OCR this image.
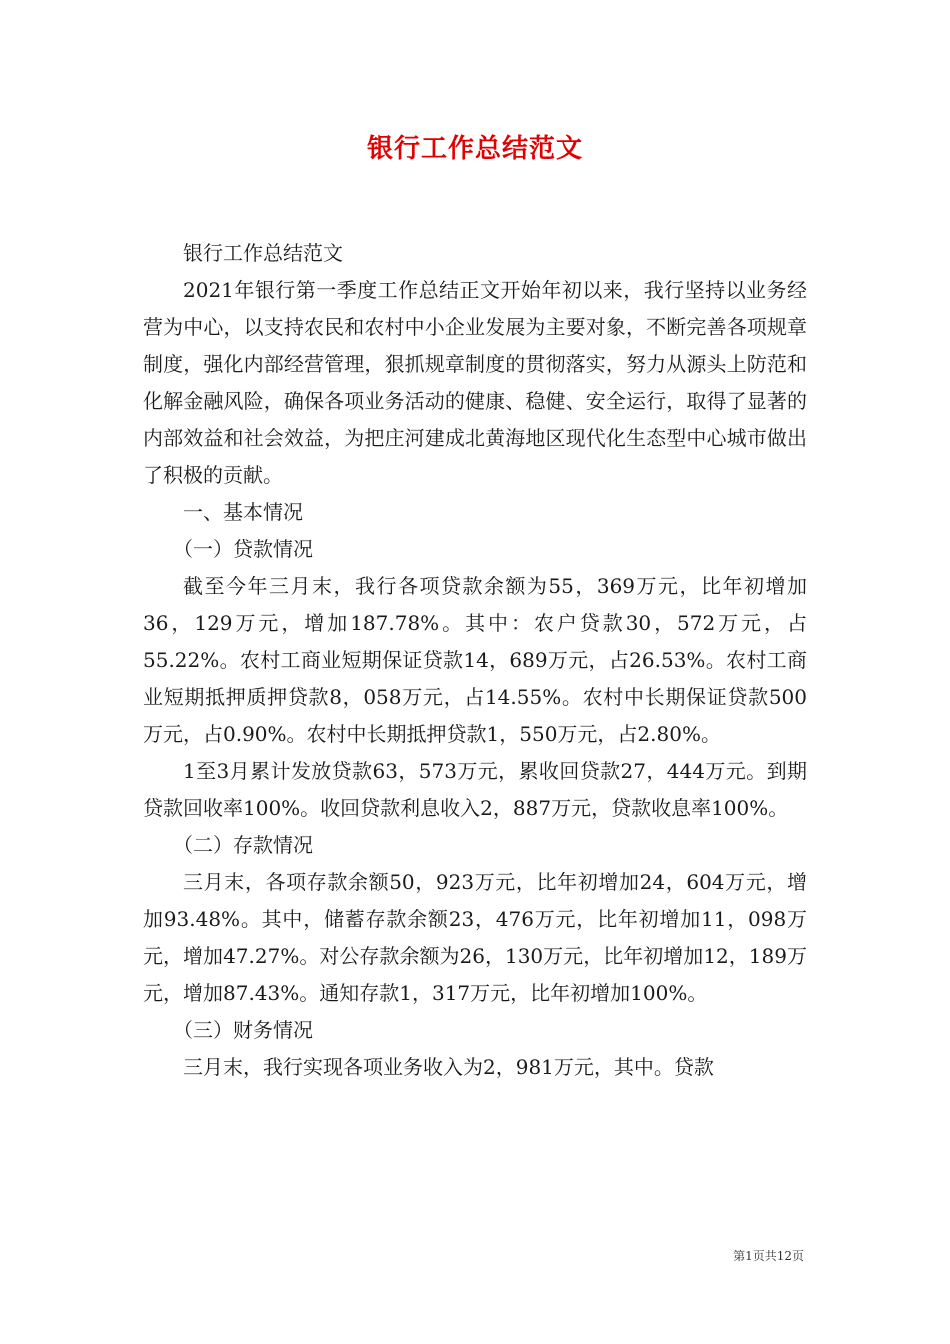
银行工作总结范文

银行工作总结范文

2021年银行第一季度工作总结正文开始年初以来，我行坚持以业务经营为中心，以支持农民和农村中小企业发展为主要对象，不断完善各项规章制度，强化内部经营管理，狠抓规章制度的贯彻落实，努力从源头上防范和化解金融风险，确保各项业务活动的健康、稳健、安全运行，取得了显著的内部效益和社会效益，为把庄河建成北黄海地区现代化生态型中心城市做出了积极的贡献。

一、基本情况

（一）贷款情况

截至今年三月末，我行各项贷款余额为55，369万元，比年初增加36，129万元，增加187.78%。其中：农户贷款30，572万元，占55.22%。农村工商业短期保证贷款14，689万元，占26.53%。农村工商业短期抵押质押贷款8，058万元，占14.55%。农村中长期保证贷款500万元，占0.90%。农村中长期抵押贷款1，550万元，占2.80%。

1至3月累计发放贷款63，573万元，累收回贷款27，444万元。到期贷款回收率100%。收回贷款利息收入2，887万元，贷款收息率100%。

（二）存款情况

三月末，各项存款余额50，923万元，比年初增加24，604万元，增加93.48%。其中，储蓄存款余额23，476万元，比年初增加11，098万元，增加47.27%。对公存款余额为26，130万元，比年初增加12，189万元，增加87.43%。通知存款1，317万元，比年初增加100%。

（三）财务情况

三月末，我行实现各项业务收入为2，981万元，其中。贷款

第1页共12页
